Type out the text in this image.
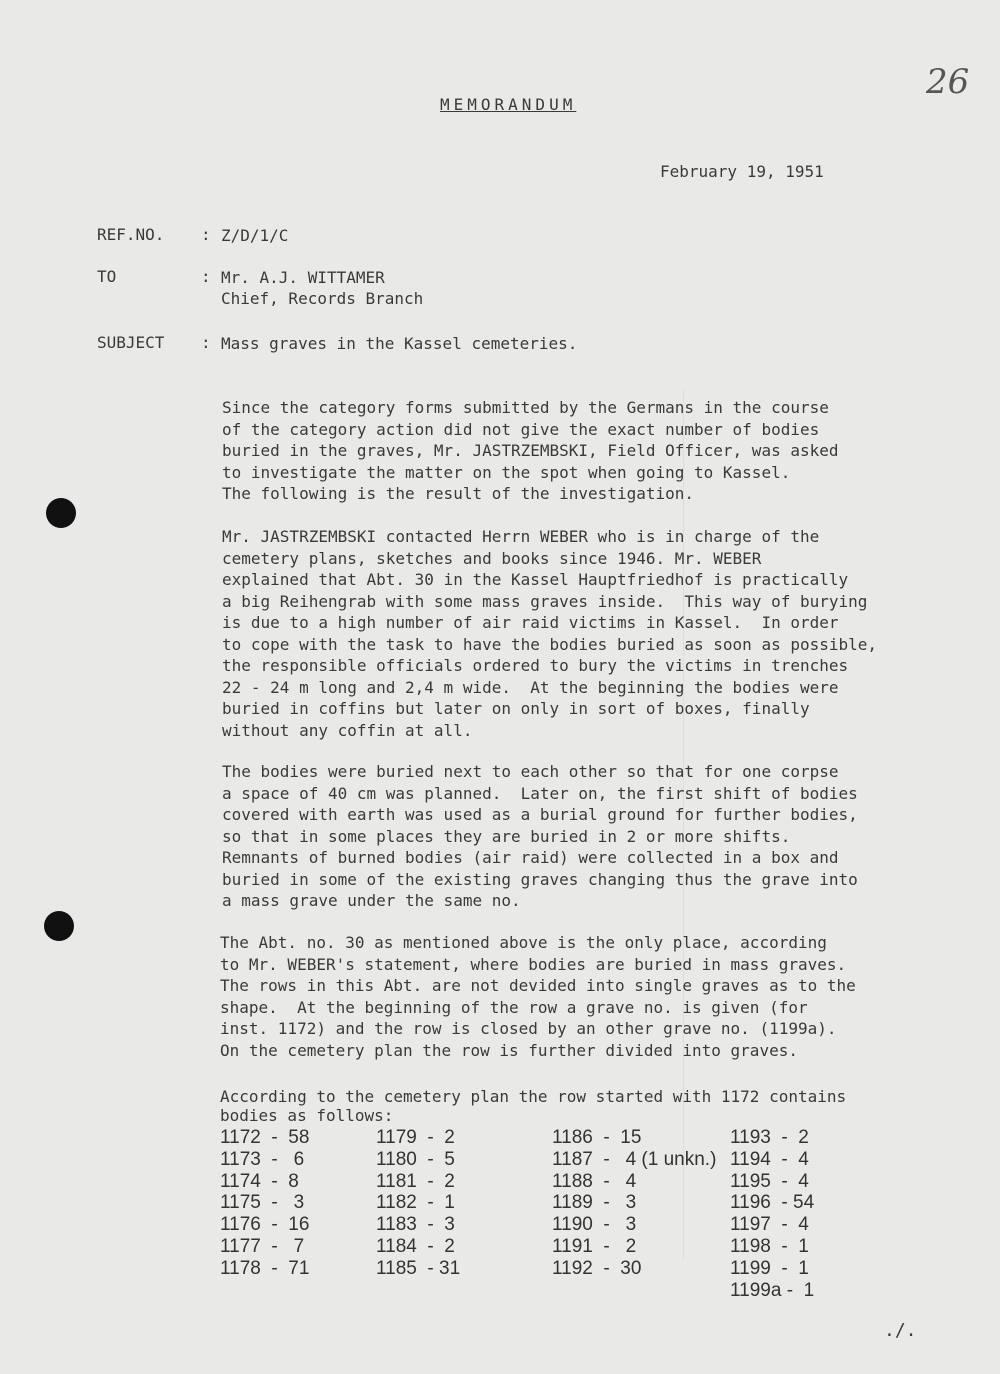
26
MEMORANDUM
February 19, 1951
REF.NO. : Z/D/1/C
TO	: Mr. A.J. WITTAMER
Chief, Records Branch
SUBJECT : Mass graves in the Kassel cemeteries.

Since the category forms submitted by the Germans in the course
of the category action did not give the exact number of bodies
buried in the graves, Mr. JASTRZEMBSKI, Field Officer, was asked
to investigate the matter on the spot when going to Kassel.
The following is the result of the investigation.

Mr. JASTRZEMBSKI contacted Herrn WEBER who is in charge of the
cemetery plans, sketches and books since 1946. Mr. WEBER
explained that Abt. 30 in the Kassel Hauptfriedhof is practically
a big Reihengrab with some mass graves inside.  This way of burying
is due to a high number of air raid victims in Kassel.  In order
to cope with the task to have the bodies buried as soon as possible,
the responsible officials ordered to bury the victims in trenches
22 - 24 m long and 2,4 m wide.  At the beginning the bodies were
buried in coffins but later on only in sort of boxes, finally
without any coffin at all.

The bodies were buried next to each other so that for one corpse
a space of 40 cm was planned.  Later on, the first shift of bodies
covered with earth was used as a burial ground for further bodies,
so that in some places they are buried in 2 or more shifts.
Remnants of burned bodies (air raid) were collected in a box and
buried in some of the existing graves changing thus the grave into
a mass grave under the same no.

The Abt. no. 30 as mentioned above is the only place, according
to Mr. WEBER's statement, where bodies are buried in mass graves.
The rows in this Abt. are not devided into single graves as to the
shape.  At the beginning of the row a grave no. is given (for
inst. 1172) and the row is closed by an other grave no. (1199a).
On the cemetery plan the row is further divided into graves.

According to the cemetery plan the row started with 1172 contains
bodies as follows:
1172  -  58
1173  -   6
1174  -  8
1175  -   3
1176  -  16
1177  -   7
1178  -  71
1179  -  2
1180  -  5
1181  -  2
1182  -  1
1183  -  3
1184  -  2
1185  - 31
1186  -  15
1187  -   4 (1 unkn.)
1188  -   4
1189  -   3
1190  -   3
1191  -   2
1192  -  30
1193  -  2
1194  -  4
1195  -  4
1196  - 54
1197  -  4
1198  -  1
1199  -  1
1199a -  1
./.
